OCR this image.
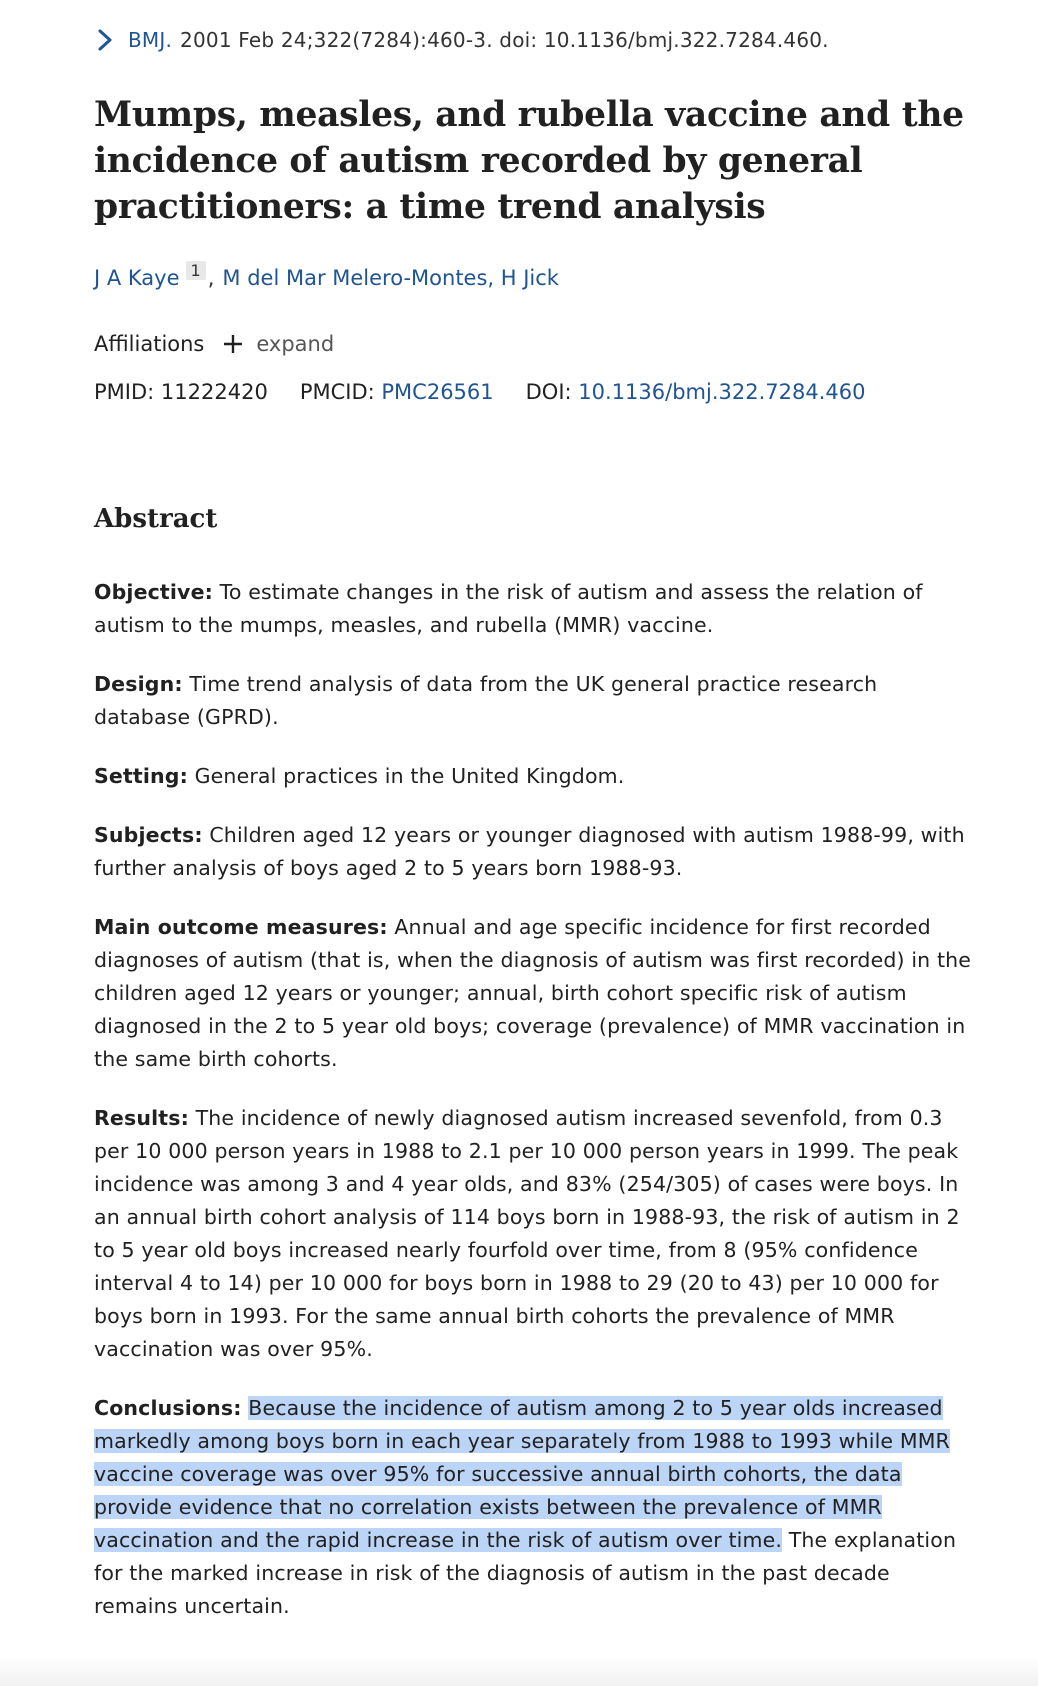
BMJ. 2001 Feb 24;322(7284):460-3. doi: 10.1136/bmj.322.7284.460.
Mumps, measles, and rubella vaccine and the incidence of autism recorded by general practitioners: a time trend analysis
J A Kaye 1 , M del Mar Melero-Montes, H Jick
Affiliations expand
PMID: 11222420 PMCID: PMC26561 DOI: 10.1136/bmj.322.7284.460
Abstract

Objective: To estimate changes in the risk of autism and assess the relation of autism to the mumps, measles, and rubella (MMR) vaccine.

Design: Time trend analysis of data from the UK general practice research database (GPRD).

Setting: General practices in the United Kingdom.

Subjects: Children aged 12 years or younger diagnosed with autism 1988-99, with further analysis of boys aged 2 to 5 years born 1988-93.

Main outcome measures: Annual and age specific incidence for first recorded diagnoses of autism (that is, when the diagnosis of autism was first recorded) in the children aged 12 years or younger; annual, birth cohort specific risk of autism diagnosed in the 2 to 5 year old boys; coverage (prevalence) of MMR vaccination in the same birth cohorts.

Results: The incidence of newly diagnosed autism increased sevenfold, from 0.3 per 10 000 person years in 1988 to 2.1 per 10 000 person years in 1999. The peak incidence was among 3 and 4 year olds, and 83% (254/305) of cases were boys. In an annual birth cohort analysis of 114 boys born in 1988-93, the risk of autism in 2 to 5 year old boys increased nearly fourfold over time, from 8 (95% confidence interval 4 to 14) per 10 000 for boys born in 1988 to 29 (20 to 43) per 10 000 for boys born in 1993. For the same annual birth cohorts the prevalence of MMR vaccination was over 95%.

Conclusions: Because the incidence of autism among 2 to 5 year olds increased markedly among boys born in each year separately from 1988 to 1993 while MMR vaccine coverage was over 95% for successive annual birth cohorts, the data provide evidence that no correlation exists between the prevalence of MMR vaccination and the rapid increase in the risk of autism over time. The explanation for the marked increase in risk of the diagnosis of autism in the past decade remains uncertain.
